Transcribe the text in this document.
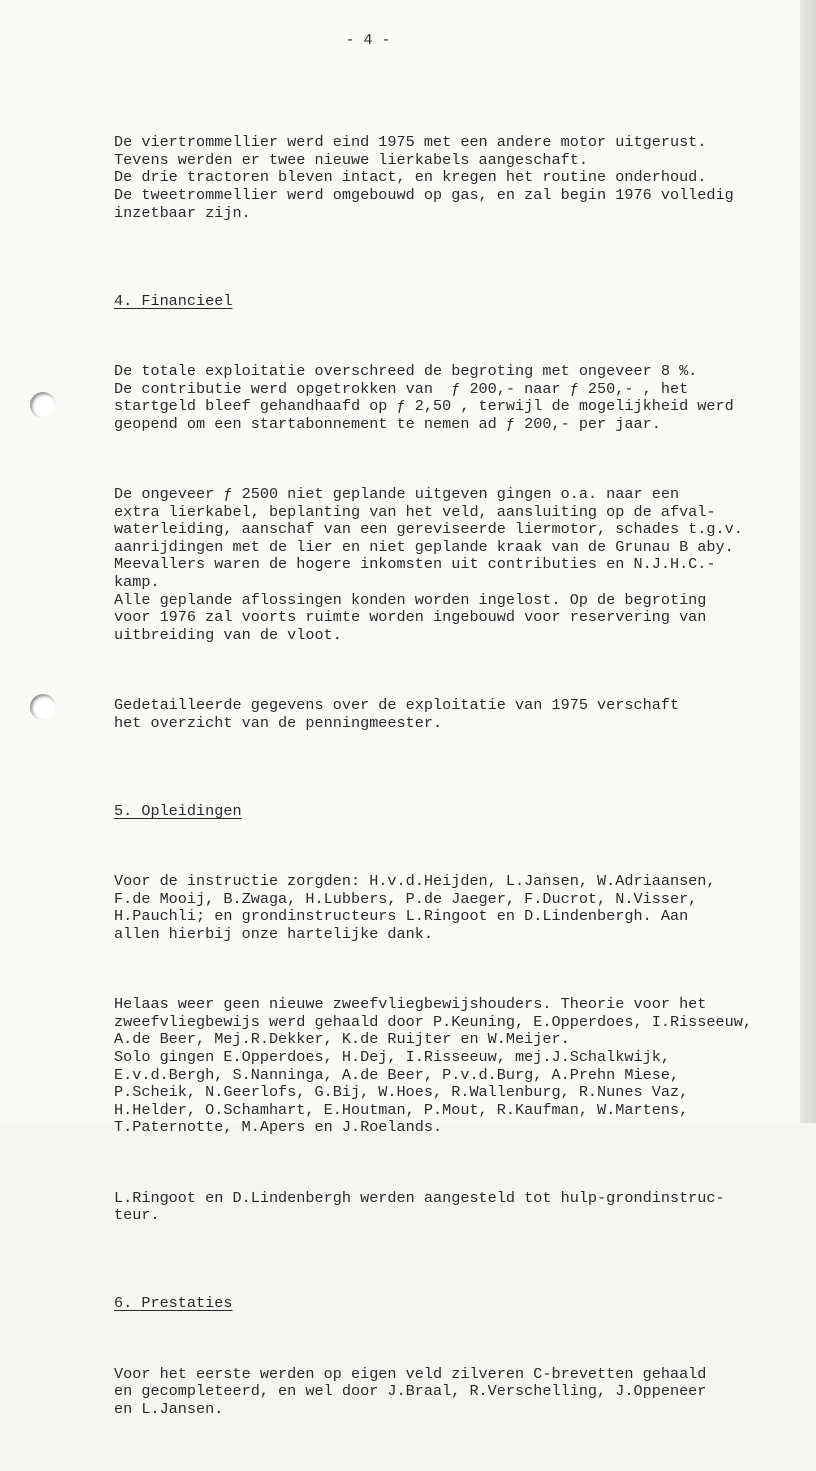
- 4 -

De viertrommellier werd eind 1975 met een andere motor uitgerust.
Tevens werden er twee nieuwe lierkabels aangeschaft.
De drie tractoren bleven intact, en kregen het routine onderhoud.
De tweetrommellier werd omgebouwd op gas, en zal begin 1976 volledig
inzetbaar zijn.

4. Financieel

De totale exploitatie overschreed de begroting met ongeveer 8 %.
De contributie werd opgetrokken van  ƒ 200,- naar ƒ 250,- , het
startgeld bleef gehandhaafd op ƒ 2,50 , terwijl de mogelijkheid werd
geopend om een startabonnement te nemen ad ƒ 200,- per jaar.

De ongeveer ƒ 2500 niet geplande uitgeven gingen o.a. naar een
extra lierkabel, beplanting van het veld, aansluiting op de afval-
waterleiding, aanschaf van een gereviseerde liermotor, schades t.g.v.
aanrijdingen met de lier en niet geplande kraak van de Grunau B aby.
Meevallers waren de hogere inkomsten uit contributies en N.J.H.C.-
kamp.
Alle geplande aflossingen konden worden ingelost. Op de begroting
voor 1976 zal voorts ruimte worden ingebouwd voor reservering van
uitbreiding van de vloot.

Gedetailleerde gegevens over de exploitatie van 1975 verschaft
het overzicht van de penningmeester.

5. Opleidingen

Voor de instructie zorgden: H.v.d.Heijden, L.Jansen, W.Adriaansen,
F.de Mooij, B.Zwaga, H.Lubbers, P.de Jaeger, F.Ducrot, N.Visser,
H.Pauchli; en grondinstructeurs L.Ringoot en D.Lindenbergh. Aan
allen hierbij onze hartelijke dank.

Helaas weer geen nieuwe zweefvliegbewijshouders. Theorie voor het
zweefvliegbewijs werd gehaald door P.Keuning, E.Opperdoes, I.Risseeuw,
A.de Beer, Mej.R.Dekker, K.de Ruijter en W.Meijer.
Solo gingen E.Opperdoes, H.Dej, I.Risseeuw, mej.J.Schalkwijk,
E.v.d.Bergh, S.Nanninga, A.de Beer, P.v.d.Burg, A.Prehn Miese,
P.Scheik, N.Geerlofs, G.Bij, W.Hoes, R.Wallenburg, R.Nunes Vaz,
H.Helder, O.Schamhart, E.Houtman, P.Mout, R.Kaufman, W.Martens,
T.Paternotte, M.Apers en J.Roelands.

L.Ringoot en D.Lindenbergh werden aangesteld tot hulp-grondinstruc-
teur.

6. Prestaties

Voor het eerste werden op eigen veld zilveren C-brevetten gehaald
en gecompleteerd, en wel door J.Braal, R.Verschelling, J.Oppeneer
en L.Jansen.
